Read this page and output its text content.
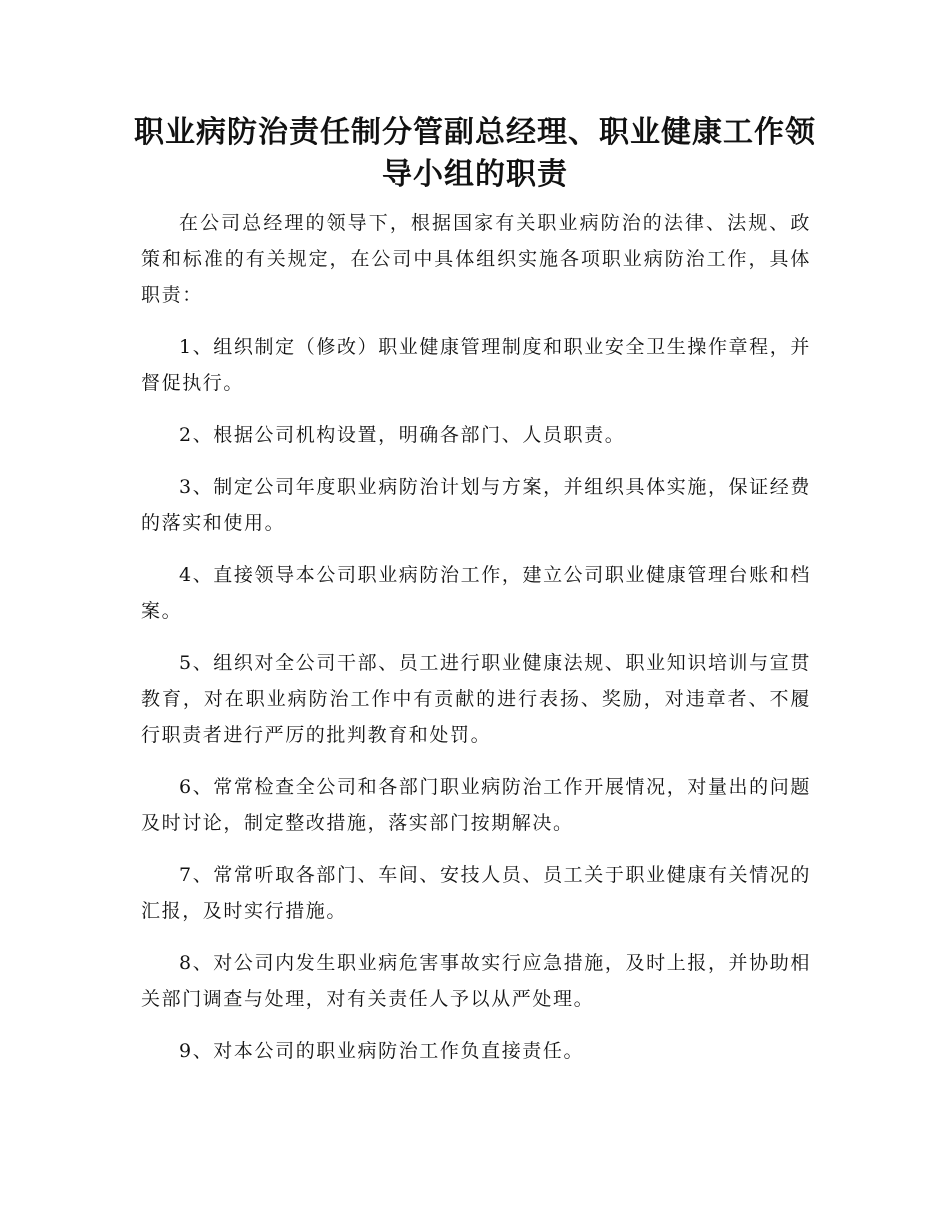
职业病防治责任制分管副总经理、职业健康工作领导小组的职责

在公司总经理的领导下，根据国家有关职业病防治的法律、法规、政策和标准的有关规定，在公司中具体组织实施各项职业病防治工作，具体职责：

1、组织制定（修改）职业健康管理制度和职业安全卫生操作章程，并督促执行。

2、根据公司机构设置，明确各部门、人员职责。

3、制定公司年度职业病防治计划与方案，并组织具体实施，保证经费的落实和使用。

4、直接领导本公司职业病防治工作，建立公司职业健康管理台账和档案。

5、组织对全公司干部、员工进行职业健康法规、职业知识培训与宣贯教育，对在职业病防治工作中有贡献的进行表扬、奖励，对违章者、不履行职责者进行严厉的批判教育和处罚。

6、常常检查全公司和各部门职业病防治工作开展情况，对量出的问题及时讨论，制定整改措施，落实部门按期解决。

7、常常听取各部门、车间、安技人员、员工关于职业健康有关情况的汇报，及时实行措施。

8、对公司内发生职业病危害事故实行应急措施，及时上报，并协助相关部门调查与处理，对有关责任人予以从严处理。

9、对本公司的职业病防治工作负直接责任。
